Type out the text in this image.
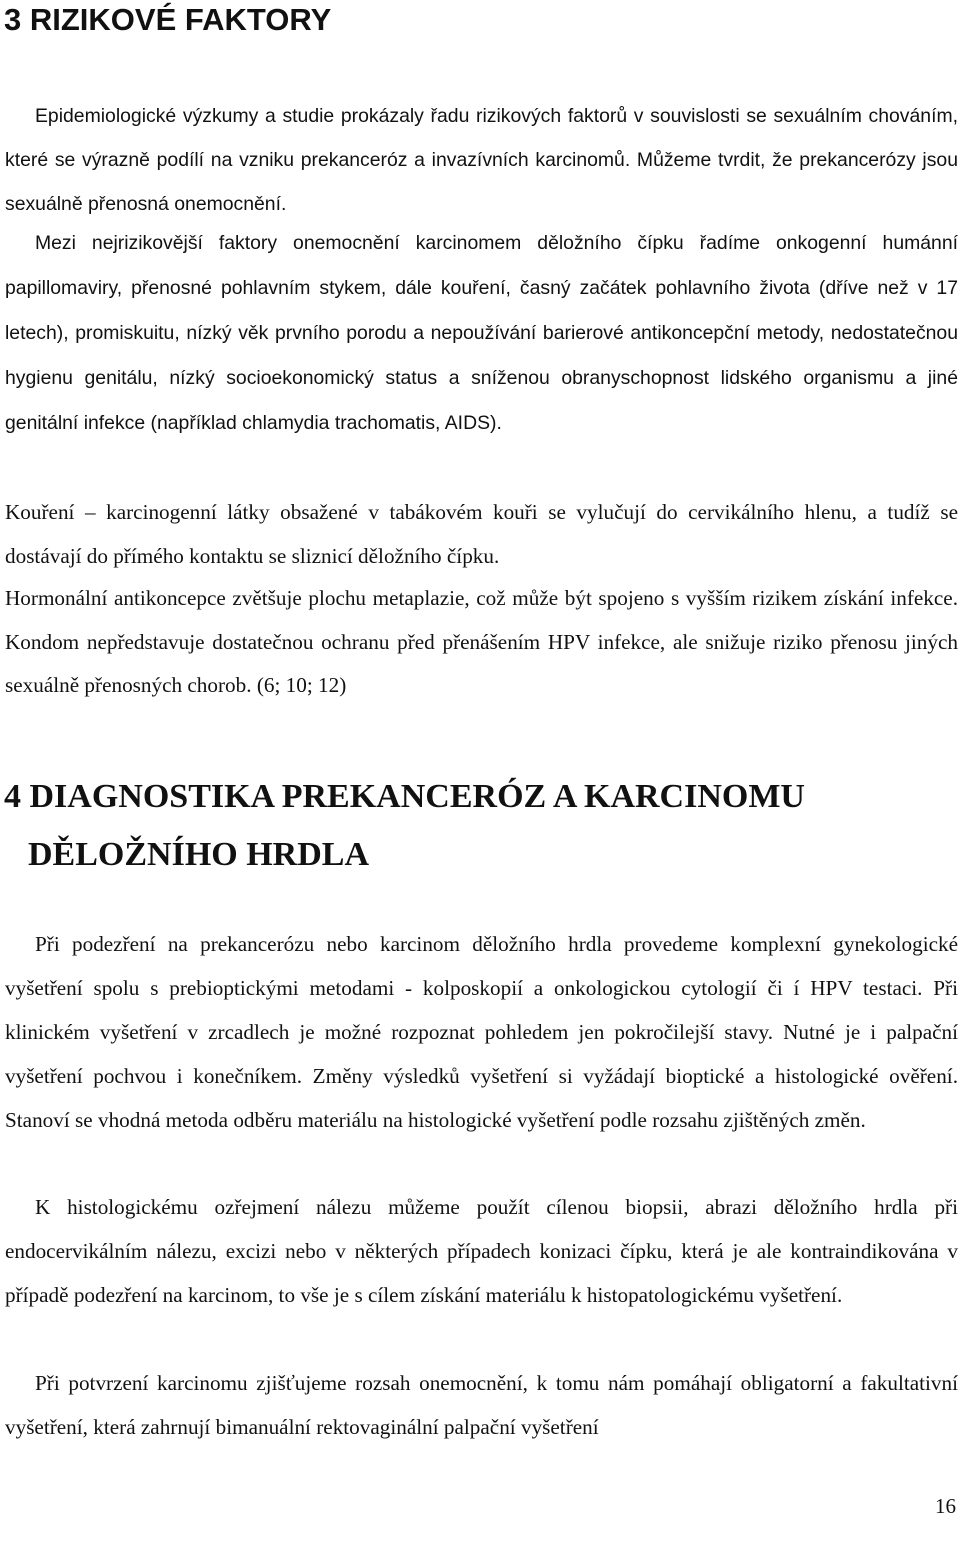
3 RIZIKOVÉ FAKTORY

Epidemiologické výzkumy a studie prokázaly řadu rizikových faktorů v souvislosti se sexuálním chováním, které se výrazně podílí na vzniku prekanceróz a invazívních karcinomů. Můžeme tvrdit, že prekancerózy jsou sexuálně přenosná onemocnění.

Mezi nejrizikovější faktory onemocnění karcinomem děložního čípku řadíme onkogenní humánní papillomaviry, přenosné pohlavním stykem, dále kouření, časný začátek pohlavního života (dříve než v 17 letech), promiskuitu, nízký věk prvního porodu a nepoužívání barierové antikoncepční metody, nedostatečnou hygienu genitálu, nízký socioekonomický status a sníženou obranyschopnost lidského organismu a jiné genitální infekce (například chlamydia trachomatis, AIDS).

Kouření – karcinogenní látky obsažené v tabákovém kouři se vylučují do cervikálního hlenu, a tudíž se dostávají do přímého kontaktu se sliznicí děložního čípku.

Hormonální antikoncepce zvětšuje plochu metaplazie, což může být spojeno s vyšším rizikem získání infekce. Kondom nepředstavuje dostatečnou ochranu před přenášením HPV infekce, ale snižuje riziko přenosu jiných sexuálně přenosných chorob. (6; 10; 12)

4 DIAGNOSTIKA PREKANCERÓZ A KARCINOMU
DĚLOŽNÍHO HRDLA

Při podezření na prekancerózu nebo karcinom děložního hrdla provedeme komplexní gynekologické vyšetření spolu s prebioptickými metodami - kolposkopií a onkologickou cytologií či í HPV testaci. Při klinickém vyšetření v zrcadlech je možné rozpoznat pohledem jen pokročilejší stavy. Nutné je i palpační vyšetření pochvou i konečníkem. Změny výsledků vyšetření si vyžádají bioptické a histologické ověření. Stanoví se vhodná metoda odběru materiálu na histologické vyšetření podle rozsahu zjištěných změn.

K histologickému ozřejmení nálezu můžeme použít cílenou biopsii, abrazi děložního hrdla při endocervikálním nálezu, excizi nebo v některých případech konizaci čípku, která je ale kontraindikována v případě podezření na karcinom, to vše je s cílem získání materiálu k histopatologickému vyšetření.

Při potvrzení karcinomu zjišťujeme rozsah onemocnění, k tomu nám pomáhají obligatorní a fakultativní vyšetření, která zahrnují bimanuální rektovaginální palpační vyšetření

16
